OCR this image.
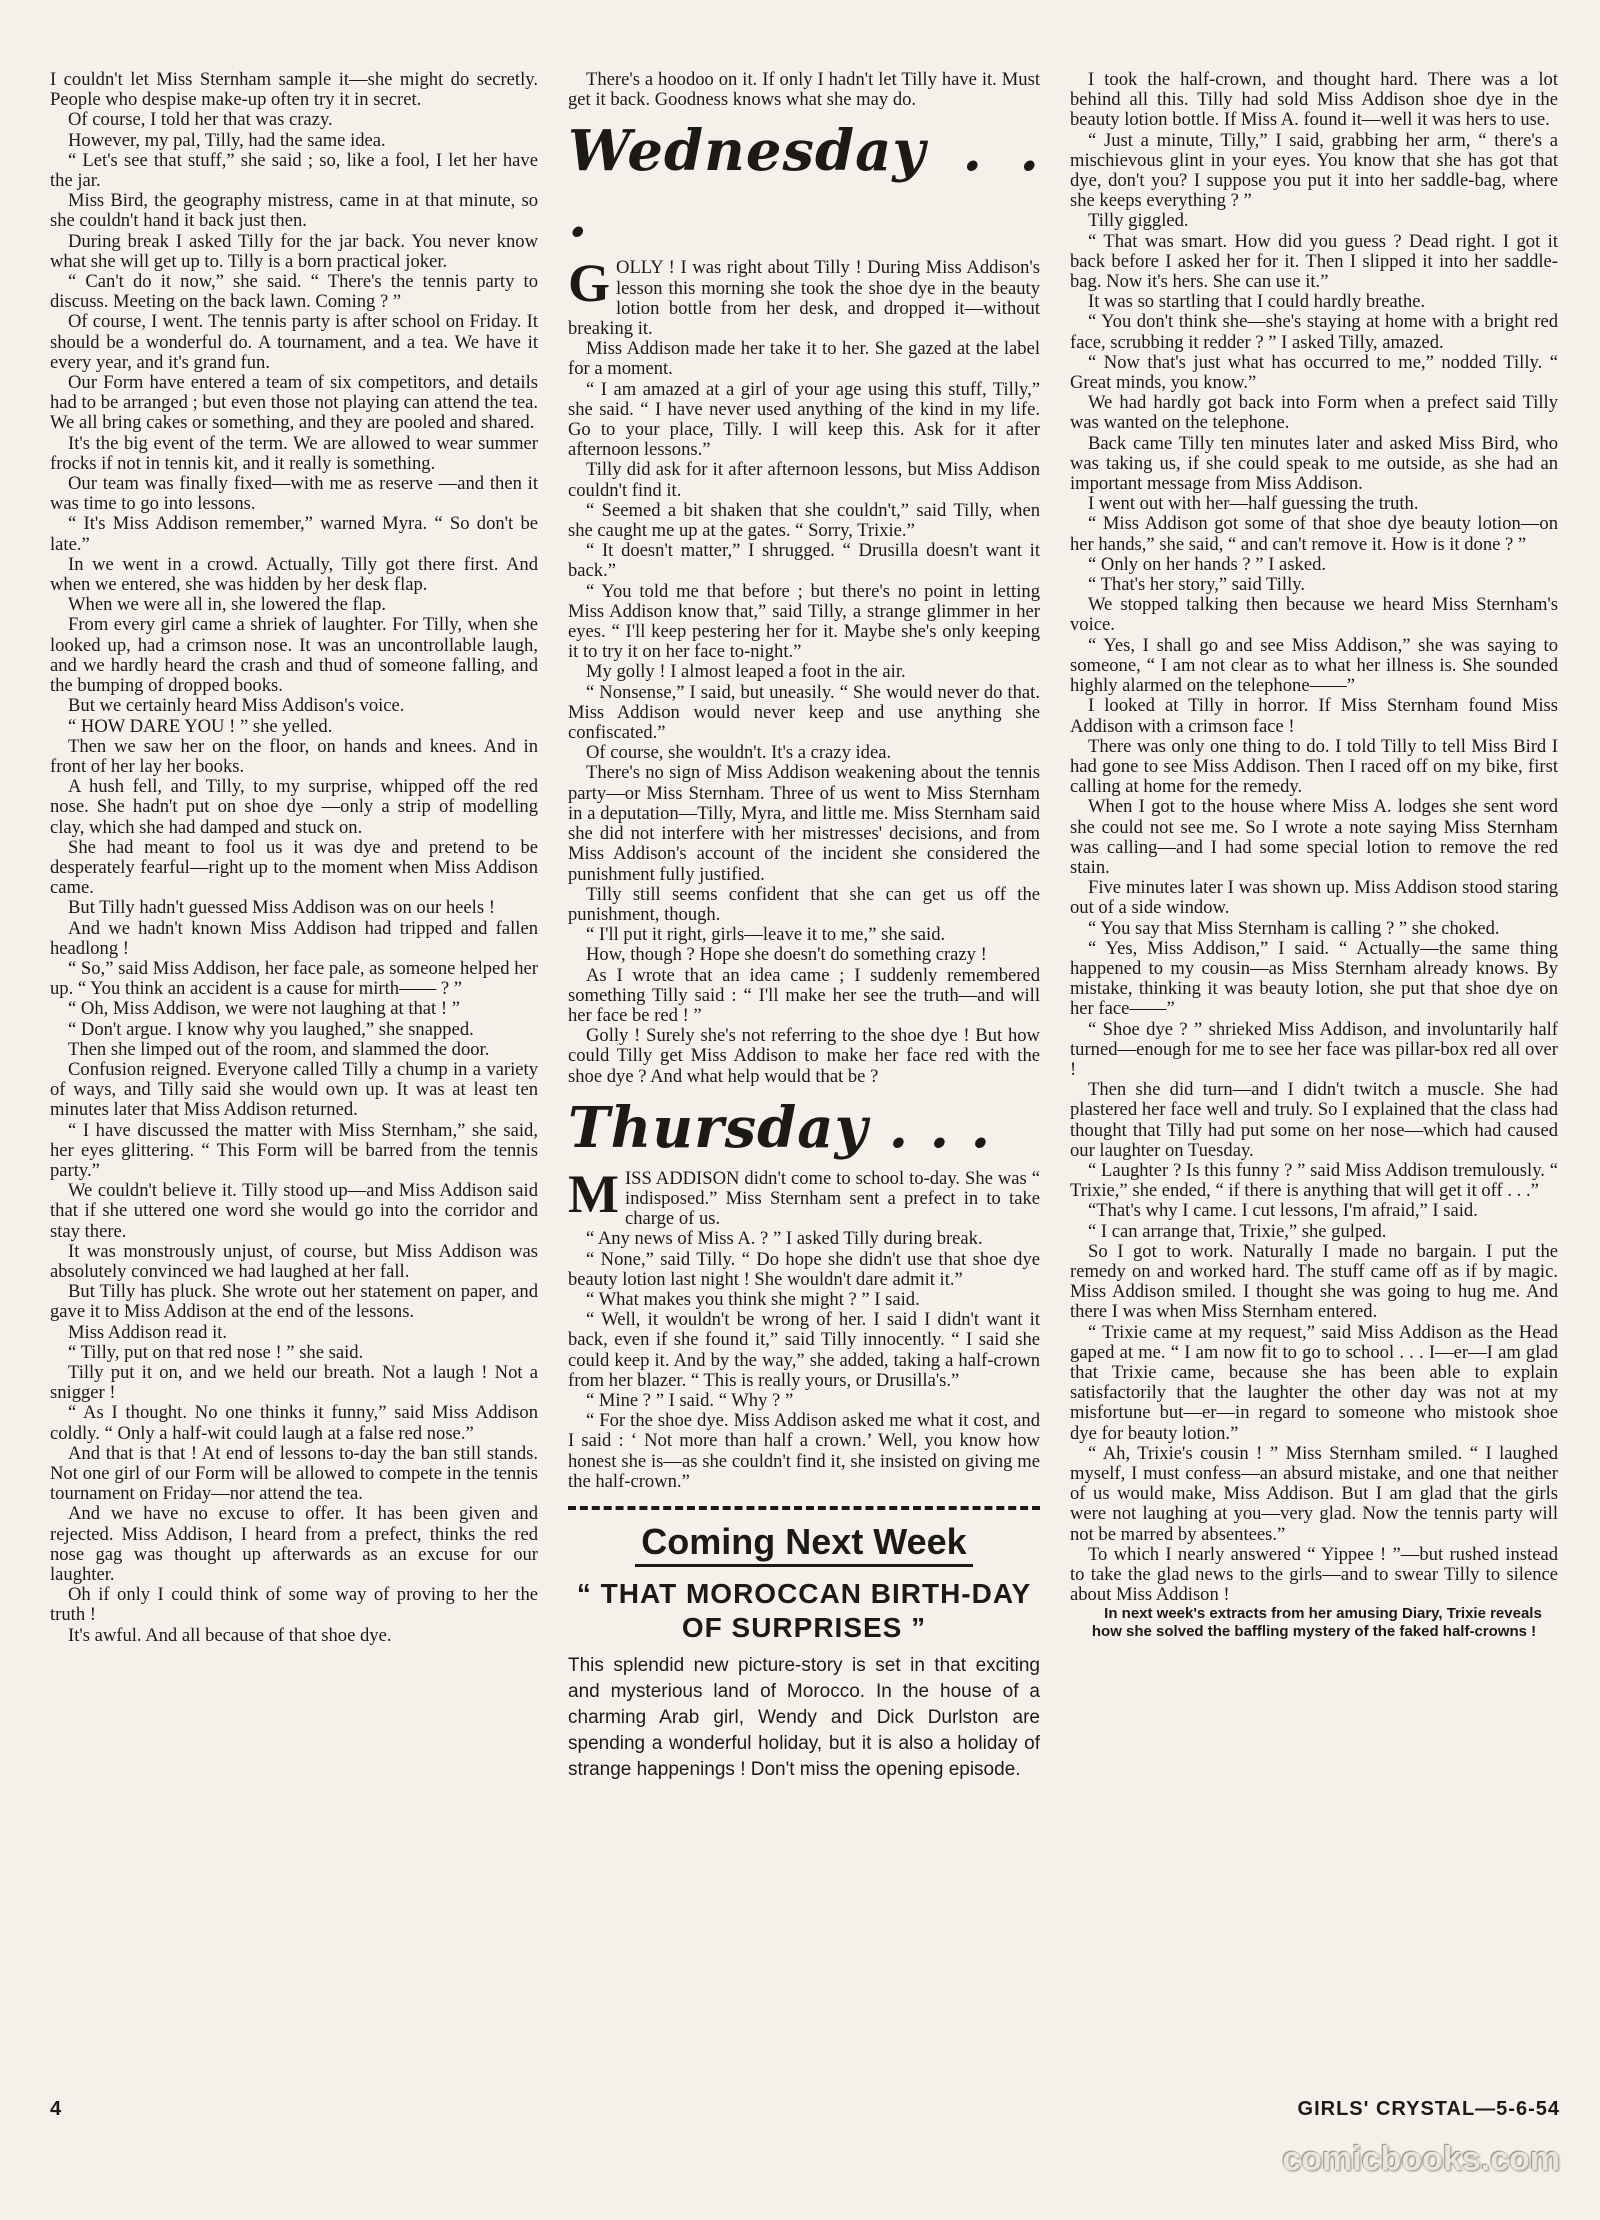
I couldn't let Miss Sternham sample it—she might do secretly. People who despise make-up often try it in secret.

Of course, I told her that was crazy.

However, my pal, Tilly, had the same idea.

“ Let's see that stuff,” she said ; so, like a fool, I let her have the jar.

Miss Bird, the geography mistress, came in at that minute, so she couldn't hand it back just then.

During break I asked Tilly for the jar back. You never know what she will get up to. Tilly is a born practical joker.

“ Can't do it now,” she said. “ There's the tennis party to discuss. Meeting on the back lawn. Coming ? ”

Of course, I went. The tennis party is after school on Friday. It should be a wonderful do. A tournament, and a tea. We have it every year, and it's grand fun.

Our Form have entered a team of six competitors, and details had to be arranged ; but even those not playing can attend the tea. We all bring cakes or something, and they are pooled and shared.

It's the big event of the term. We are allowed to wear summer frocks if not in tennis kit, and it really is something.

Our team was finally fixed—with me as reserve —and then it was time to go into lessons.

“ It's Miss Addison remember,” warned Myra. “ So don't be late.”

In we went in a crowd. Actually, Tilly got there first. And when we entered, she was hidden by her desk flap.

When we were all in, she lowered the flap.

From every girl came a shriek of laughter. For Tilly, when she looked up, had a crimson nose. It was an uncontrollable laugh, and we hardly heard the crash and thud of someone falling, and the bumping of dropped books.

But we certainly heard Miss Addison's voice.

“ HOW DARE YOU ! ” she yelled.

Then we saw her on the floor, on hands and knees. And in front of her lay her books.

A hush fell, and Tilly, to my surprise, whipped off the red nose. She hadn't put on shoe dye —only a strip of modelling clay, which she had damped and stuck on.

She had meant to fool us it was dye and pretend to be desperately fearful—right up to the moment when Miss Addison came.

But Tilly hadn't guessed Miss Addison was on our heels !

And we hadn't known Miss Addison had tripped and fallen headlong !

“ So,” said Miss Addison, her face pale, as someone helped her up. “ You think an accident is a cause for mirth—— ? ”

“ Oh, Miss Addison, we were not laughing at that ! ”

“ Don't argue. I know why you laughed,” she snapped.

Then she limped out of the room, and slammed the door.

Confusion reigned. Everyone called Tilly a chump in a variety of ways, and Tilly said she would own up. It was at least ten minutes later that Miss Addison returned.

“ I have discussed the matter with Miss Sternham,” she said, her eyes glittering. “ This Form will be barred from the tennis party.”

We couldn't believe it. Tilly stood up—and Miss Addison said that if she uttered one word she would go into the corridor and stay there.

It was monstrously unjust, of course, but Miss Addison was absolutely convinced we had laughed at her fall.

But Tilly has pluck. She wrote out her statement on paper, and gave it to Miss Addison at the end of the lessons.

Miss Addison read it.

“ Tilly, put on that red nose ! ” she said.

Tilly put it on, and we held our breath. Not a laugh ! Not a snigger !

“ As I thought. No one thinks it funny,” said Miss Addison coldly. “ Only a half-wit could laugh at a false red nose.”

And that is that ! At end of lessons to-day the ban still stands. Not one girl of our Form will be allowed to compete in the tennis tournament on Friday—nor attend the tea.

And we have no excuse to offer. It has been given and rejected. Miss Addison, I heard from a prefect, thinks the red nose gag was thought up afterwards as an excuse for our laughter.

Oh if only I could think of some way of proving to her the truth !

It's awful. And all because of that shoe dye.

There's a hoodoo on it. If only I hadn't let Tilly have it. Must get it back. Goodness knows what she may do.

Wednesday . . .

GOLLY ! I was right about Tilly ! During Miss Addison's lesson this morning she took the shoe dye in the beauty lotion bottle from her desk, and dropped it—without breaking it.

Miss Addison made her take it to her. She gazed at the label for a moment.

“ I am amazed at a girl of your age using this stuff, Tilly,” she said. “ I have never used anything of the kind in my life. Go to your place, Tilly. I will keep this. Ask for it after afternoon lessons.”

Tilly did ask for it after afternoon lessons, but Miss Addison couldn't find it.

“ Seemed a bit shaken that she couldn't,” said Tilly, when she caught me up at the gates. “ Sorry, Trixie.”

“ It doesn't matter,” I shrugged. “ Drusilla doesn't want it back.”

“ You told me that before ; but there's no point in letting Miss Addison know that,” said Tilly, a strange glimmer in her eyes. “ I'll keep pestering her for it. Maybe she's only keeping it to try it on her face to-night.”

My golly ! I almost leaped a foot in the air.

“ Nonsense,” I said, but uneasily. “ She would never do that. Miss Addison would never keep and use anything she confiscated.”

Of course, she wouldn't. It's a crazy idea.

There's no sign of Miss Addison weakening about the tennis party—or Miss Sternham. Three of us went to Miss Sternham in a deputation—Tilly, Myra, and little me. Miss Sternham said she did not interfere with her mistresses' decisions, and from Miss Addison's account of the incident she considered the punishment fully justified.

Tilly still seems confident that she can get us off the punishment, though.

“ I'll put it right, girls—leave it to me,” she said.

How, though ? Hope she doesn't do something crazy !

As I wrote that an idea came ; I suddenly remembered something Tilly said : “ I'll make her see the truth—and will her face be red ! ”

Golly ! Surely she's not referring to the shoe dye ! But how could Tilly get Miss Addison to make her face red with the shoe dye ? And what help would that be ?

Thursday . . .

MISS ADDISON didn't come to school to-day. She was “ indisposed.” Miss Sternham sent a prefect in to take charge of us.

“ Any news of Miss A. ? ” I asked Tilly during break.

“ None,” said Tilly. “ Do hope she didn't use that shoe dye beauty lotion last night ! She wouldn't dare admit it.”

“ What makes you think she might ? ” I said.

“ Well, it wouldn't be wrong of her. I said I didn't want it back, even if she found it,” said Tilly innocently. “ I said she could keep it. And by the way,” she added, taking a half-crown from her blazer. “ This is really yours, or Drusilla's.”

“ Mine ? ” I said. “ Why ? ”

“ For the shoe dye. Miss Addison asked me what it cost, and I said : ‘ Not more than half a crown.’ Well, you know how honest she is—as she couldn't find it, she insisted on giving me the half-crown.”

Coming Next Week
“ THAT MOROCCAN BIRTH-DAY OF SURPRISES ”
This splendid new picture-story is set in that exciting and mysterious land of Morocco. In the house of a charming Arab girl, Wendy and Dick Durlston are spending a wonderful holiday, but it is also a holiday of strange happenings ! Don't miss the opening episode.

I took the half-crown, and thought hard. There was a lot behind all this. Tilly had sold Miss Addison shoe dye in the beauty lotion bottle. If Miss A. found it—well it was hers to use.

“ Just a minute, Tilly,” I said, grabbing her arm, “ there's a mischievous glint in your eyes. You know that she has got that dye, don't you? I suppose you put it into her saddle-bag, where she keeps everything ? ”

Tilly giggled.

“ That was smart. How did you guess ? Dead right. I got it back before I asked her for it. Then I slipped it into her saddle-bag. Now it's hers. She can use it.”

It was so startling that I could hardly breathe.

“ You don't think she—she's staying at home with a bright red face, scrubbing it redder ? ” I asked Tilly, amazed.

“ Now that's just what has occurred to me,” nodded Tilly. “ Great minds, you know.”

We had hardly got back into Form when a prefect said Tilly was wanted on the telephone.

Back came Tilly ten minutes later and asked Miss Bird, who was taking us, if she could speak to me outside, as she had an important message from Miss Addison.

I went out with her—half guessing the truth.

“ Miss Addison got some of that shoe dye beauty lotion—on her hands,” she said, “ and can't remove it. How is it done ? ”

“ Only on her hands ? ” I asked.

“ That's her story,” said Tilly.

We stopped talking then because we heard Miss Sternham's voice.

“ Yes, I shall go and see Miss Addison,” she was saying to someone, “ I am not clear as to what her illness is. She sounded highly alarmed on the telephone——”

I looked at Tilly in horror. If Miss Sternham found Miss Addison with a crimson face !

There was only one thing to do. I told Tilly to tell Miss Bird I had gone to see Miss Addison. Then I raced off on my bike, first calling at home for the remedy.

When I got to the house where Miss A. lodges she sent word she could not see me. So I wrote a note saying Miss Sternham was calling—and I had some special lotion to remove the red stain.

Five minutes later I was shown up. Miss Addison stood staring out of a side window.

“ You say that Miss Sternham is calling ? ” she choked.

“ Yes, Miss Addison,” I said. “ Actually—the same thing happened to my cousin—as Miss Sternham already knows. By mistake, thinking it was beauty lotion, she put that shoe dye on her face——”

“ Shoe dye ? ” shrieked Miss Addison, and involuntarily half turned—enough for me to see her face was pillar-box red all over !

Then she did turn—and I didn't twitch a muscle. She had plastered her face well and truly. So I explained that the class had thought that Tilly had put some on her nose—which had caused our laughter on Tuesday.

“ Laughter ? Is this funny ? ” said Miss Addison tremulously. “ Trixie,” she ended, “ if there is anything that will get it off . . .”

“That's why I came. I cut lessons, I'm afraid,” I said.

“ I can arrange that, Trixie,” she gulped.

So I got to work. Naturally I made no bargain. I put the remedy on and worked hard. The stuff came off as if by magic. Miss Addison smiled. I thought she was going to hug me. And there I was when Miss Sternham entered.

“ Trixie came at my request,” said Miss Addison as the Head gaped at me. “ I am now fit to go to school . . . I—er—I am glad that Trixie came, because she has been able to explain satisfactorily that the laughter the other day was not at my misfortune but—er—in regard to someone who mistook shoe dye for beauty lotion.”

“ Ah, Trixie's cousin ! ” Miss Sternham smiled. “ I laughed myself, I must confess—an absurd mistake, and one that neither of us would make, Miss Addison. But I am glad that the girls were not laughing at you—very glad. Now the tennis party will not be marred by absentees.”

To which I nearly answered “ Yippee ! ”—but rushed instead to take the glad news to the girls—and to swear Tilly to silence about Miss Addison !

In next week's extracts from her amusing Diary, Trixie reveals how she solved the baffling mystery of the faked half-crowns !

4	GIRLS' CRYSTAL—5-6-54
comicbooks.com
